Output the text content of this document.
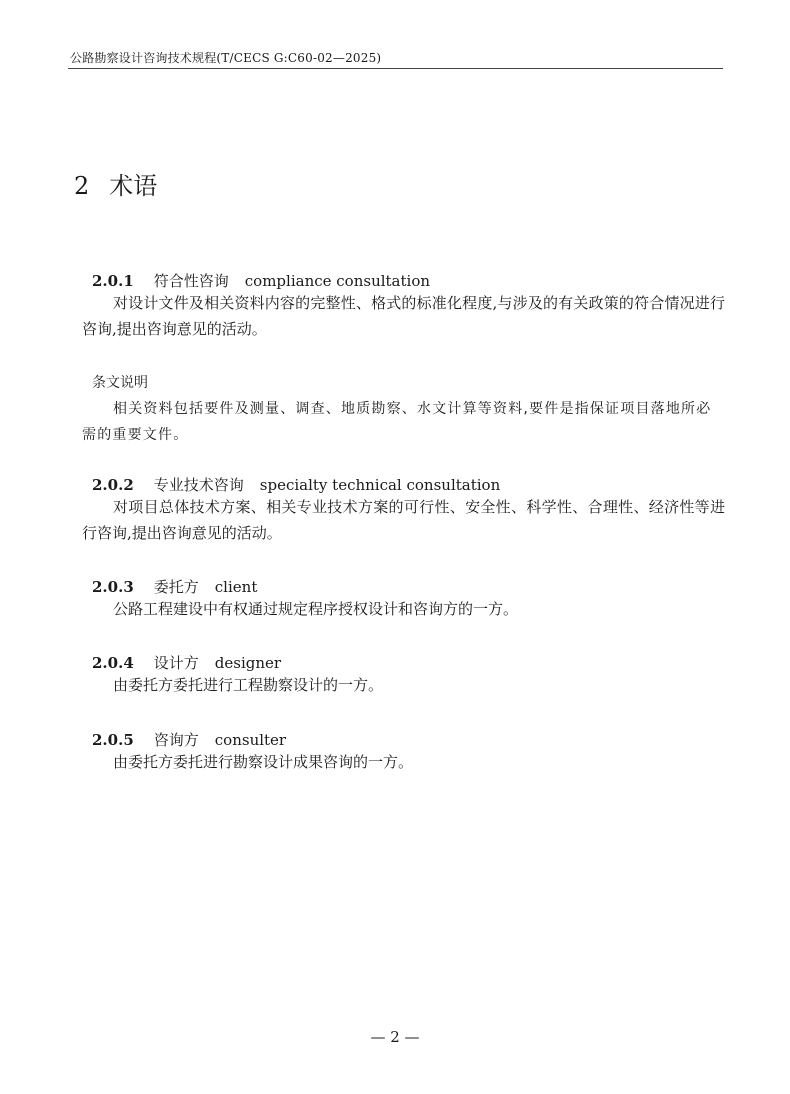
公路勘察设计咨询技术规程(T/CECS G:C60-02—2025)
2 术语
2.0.1 符合性咨询 compliance consultation

对设计文件及相关资料内容的完整性、格式的标准化程度,与涉及的有关政策的符合情况进行咨询,提出咨询意见的活动。

条文说明

相关资料包括要件及测量、调查、地质勘察、水文计算等资料,要件是指保证项目落地所必需的重要文件。

2.0.2 专业技术咨询 specialty technical consultation

对项目总体技术方案、相关专业技术方案的可行性、安全性、科学性、合理性、经济性等进行咨询,提出咨询意见的活动。

2.0.3 委托方 client

公路工程建设中有权通过规定程序授权设计和咨询方的一方。

2.0.4 设计方 designer

由委托方委托进行工程勘察设计的一方。

2.0.5 咨询方 consulter

由委托方委托进行勘察设计成果咨询的一方。

— 2 —
